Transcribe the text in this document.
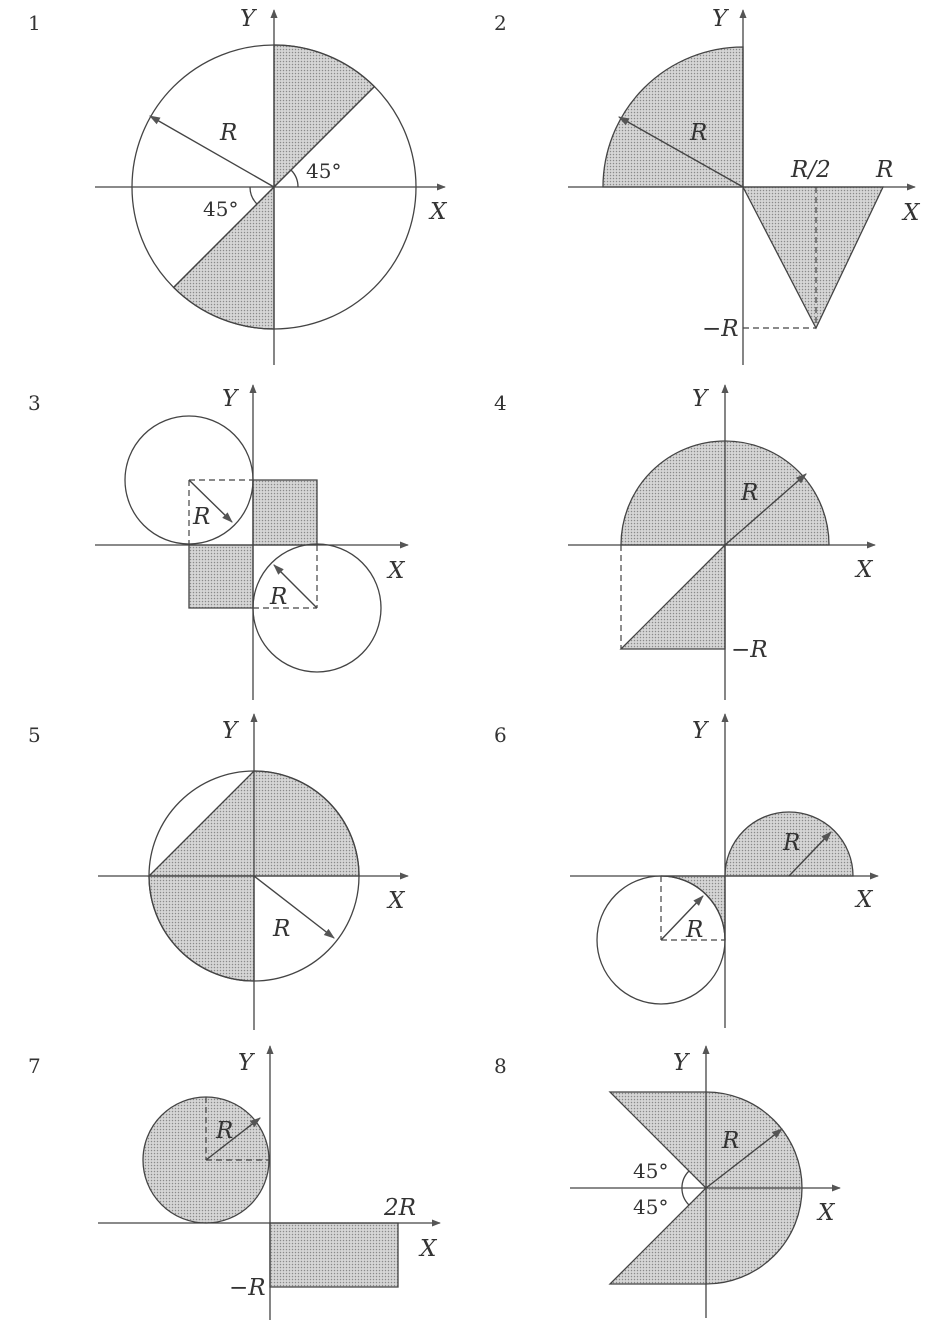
1	Y
X
R
45°
45°
2	Y
X
R
R/2 R
−R
3	Y
X
R
R
4	Y
X
R
−R
5	Y
X
R
6	Y
X
R
R
7	Y
X
R
2R
−R
8	Y
X
R
45°
45°
